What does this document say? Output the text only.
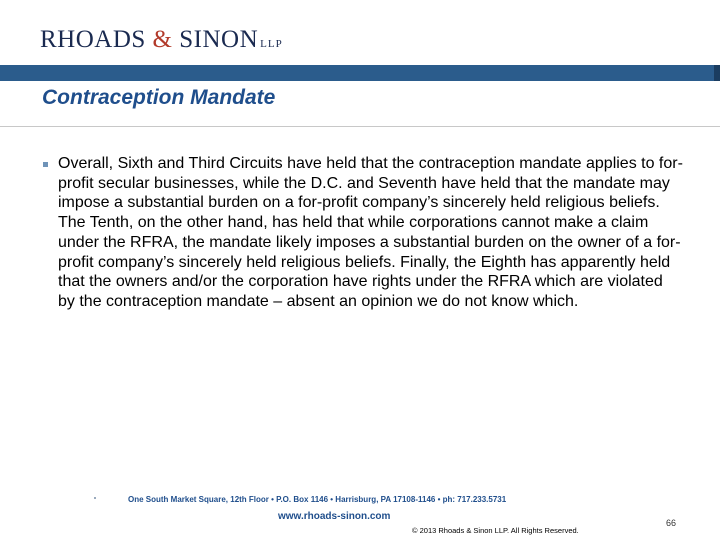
RHOADS & SINON LLP
Contraception Mandate
Overall, Sixth and Third Circuits have held that the contraception mandate applies to for-profit secular businesses, while the D.C. and Seventh have held that the mandate may impose a substantial burden on a for-profit company’s sincerely held religious beliefs. The Tenth, on the other hand, has held that while corporations cannot make a claim under the RFRA, the mandate likely imposes a substantial burden on the owner of a for-profit company’s sincerely held religious beliefs. Finally, the Eighth has apparently held that the owners and/or the corporation have rights under the RFRA which are violated by the contraception mandate – absent an opinion we do not know which.
One South Market Square, 12th Floor • P.O. Box 1146 • Harrisburg, PA 17108-1146 • ph: 717.233.5731
www.rhoads-sinon.com
© 2013 Rhoads & Sinon LLP. All Rights Reserved.
66
